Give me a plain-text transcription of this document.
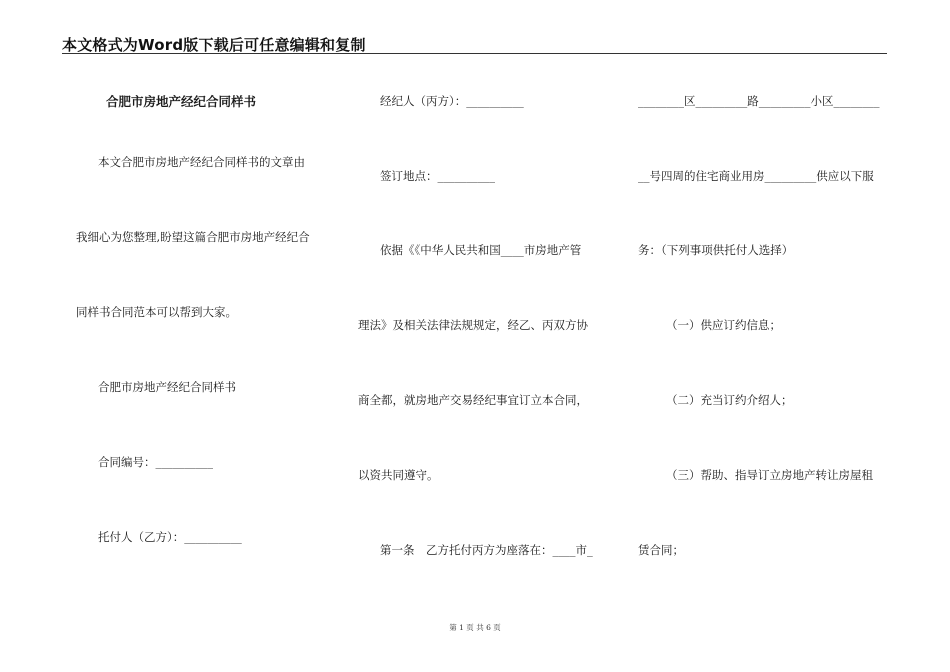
本文格式为Word版下载后可任意编辑和复制
合肥市房地产经纪合同样书
本文合肥市房地产经纪合同样书的文章由
我细心为您整理,盼望这篇合肥市房地产经纪合
同样书合同范本可以帮到大家。
合肥市房地产经纪合同样书
合同编号：__________
托付人（乙方）：__________
经纪人（丙方）：__________
签订地点：__________
依据《《中华人民共和国____市房地产管
理法》及相关法律法规规定，经乙、丙双方协
商全都，就房地产交易经纪事宜订立本合同，
以资共同遵守。
第一条　乙方托付丙方为座落在：____市_
________区_________路_________小区________
__号四周的住宅商业用房_________供应以下服
务：（下列事项供托付人选择）
（一）供应订约信息；
（二）充当订约介绍人；
（三）帮助、指导订立房地产转让房屋租
赁合同；
第 1 页 共 6 页
